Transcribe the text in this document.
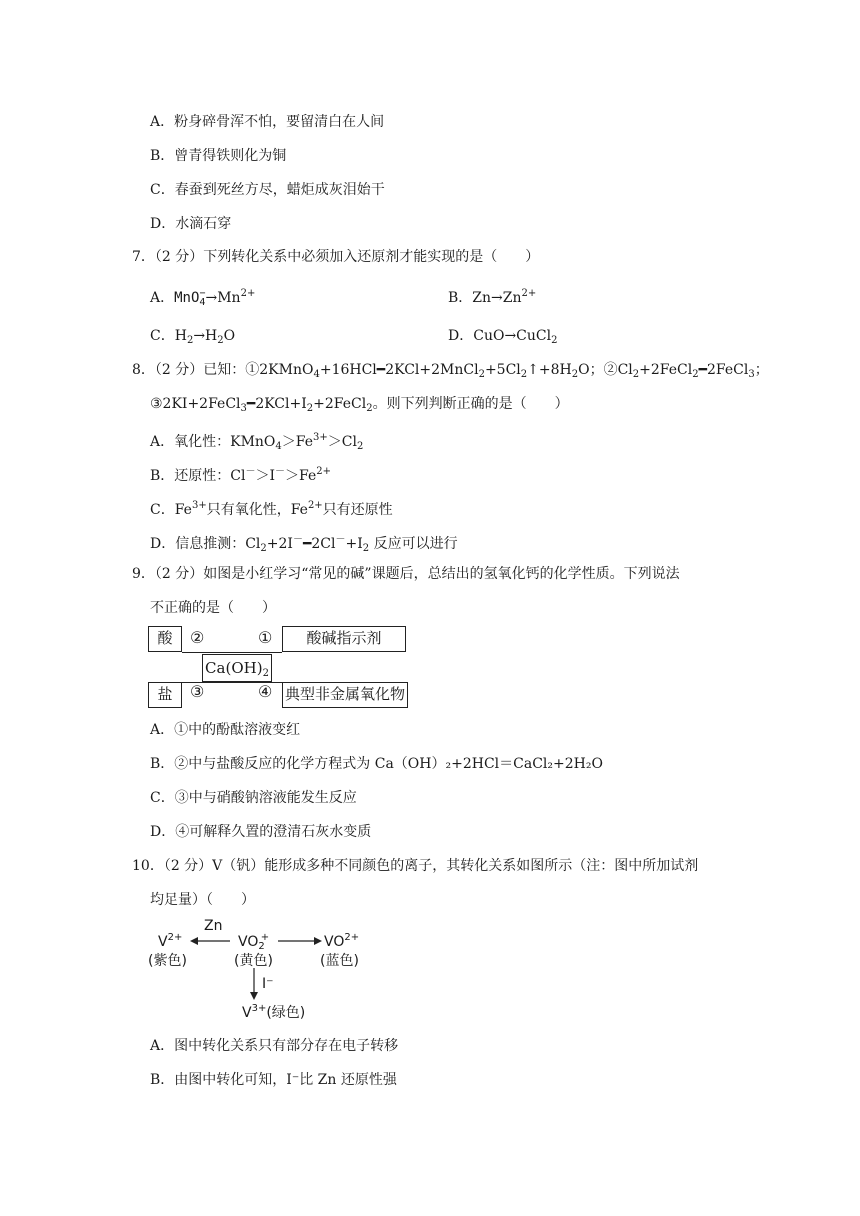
A．粉身碎骨浑不怕，要留清白在人间
B．曾青得铁则化为铜
C．春蚕到死丝方尽，蜡炬成灰泪始干
D．水滴石穿
7．（2 分）下列转化关系中必须加入还原剂才能实现的是（　　）
A．$MnO_4^-\to Mn^{2+}$	B．$Zn\to Zn^{2+}$
C．$H_2\to H_2O$	D．CuO→CuCl$_2$
8．（2 分）已知：$①2KMnO_4+16HCl━2KCl+2MnCl_2+5Cl_2↑+8H_2O$；$②Cl_2+2FeCl_2━2FeCl_3$；
$③2KI+2FeCl_3━2KCl+I_2+2FeCl_2$。则下列判断正确的是（　　）
A．氧化性：$KMnO_4>Fe^{3+}>Cl_2$
B．还原性：$Cl^->I^->Fe^{2+}$
C．$Fe^{3+}$只有氧化性，$Fe^{2+}$只有还原性
D．信息推测：$Cl_2+2I^-━2Cl^-+I_2$ 反应可以进行
9．（2 分）如图是小红学习“常见的碱”课题后，总结出的氢氧化钙的化学性质。下列说法
不正确的是（　　）
酸
盐
酸碱指示剂
典型非金属氧化物
$Ca(OH)_2$
②	①
③	④
A．①中的酚酞溶液变红
B．②中与盐酸反应的化学方程式为 Ca（OH）₂+2HCl＝CaCl₂+2H₂O
C．③中与硝酸钠溶液能发生反应
D．④可解释久置的澄清石灰水变质
10．（2 分）V（钒）能形成多种不同颜色的离子，其转化关系如图所示（注：图中所加试剂
均足量）（　　）
$V^{2+}$
(紫色)
Zn
$VO_2^+$
(黄色)
$VO^{2+}$
(蓝色)
I⁻
$V^{3+}$(绿色)
A．图中转化关系只有部分存在电子转移
B．由图中转化可知，I⁻比 Zn 还原性强
